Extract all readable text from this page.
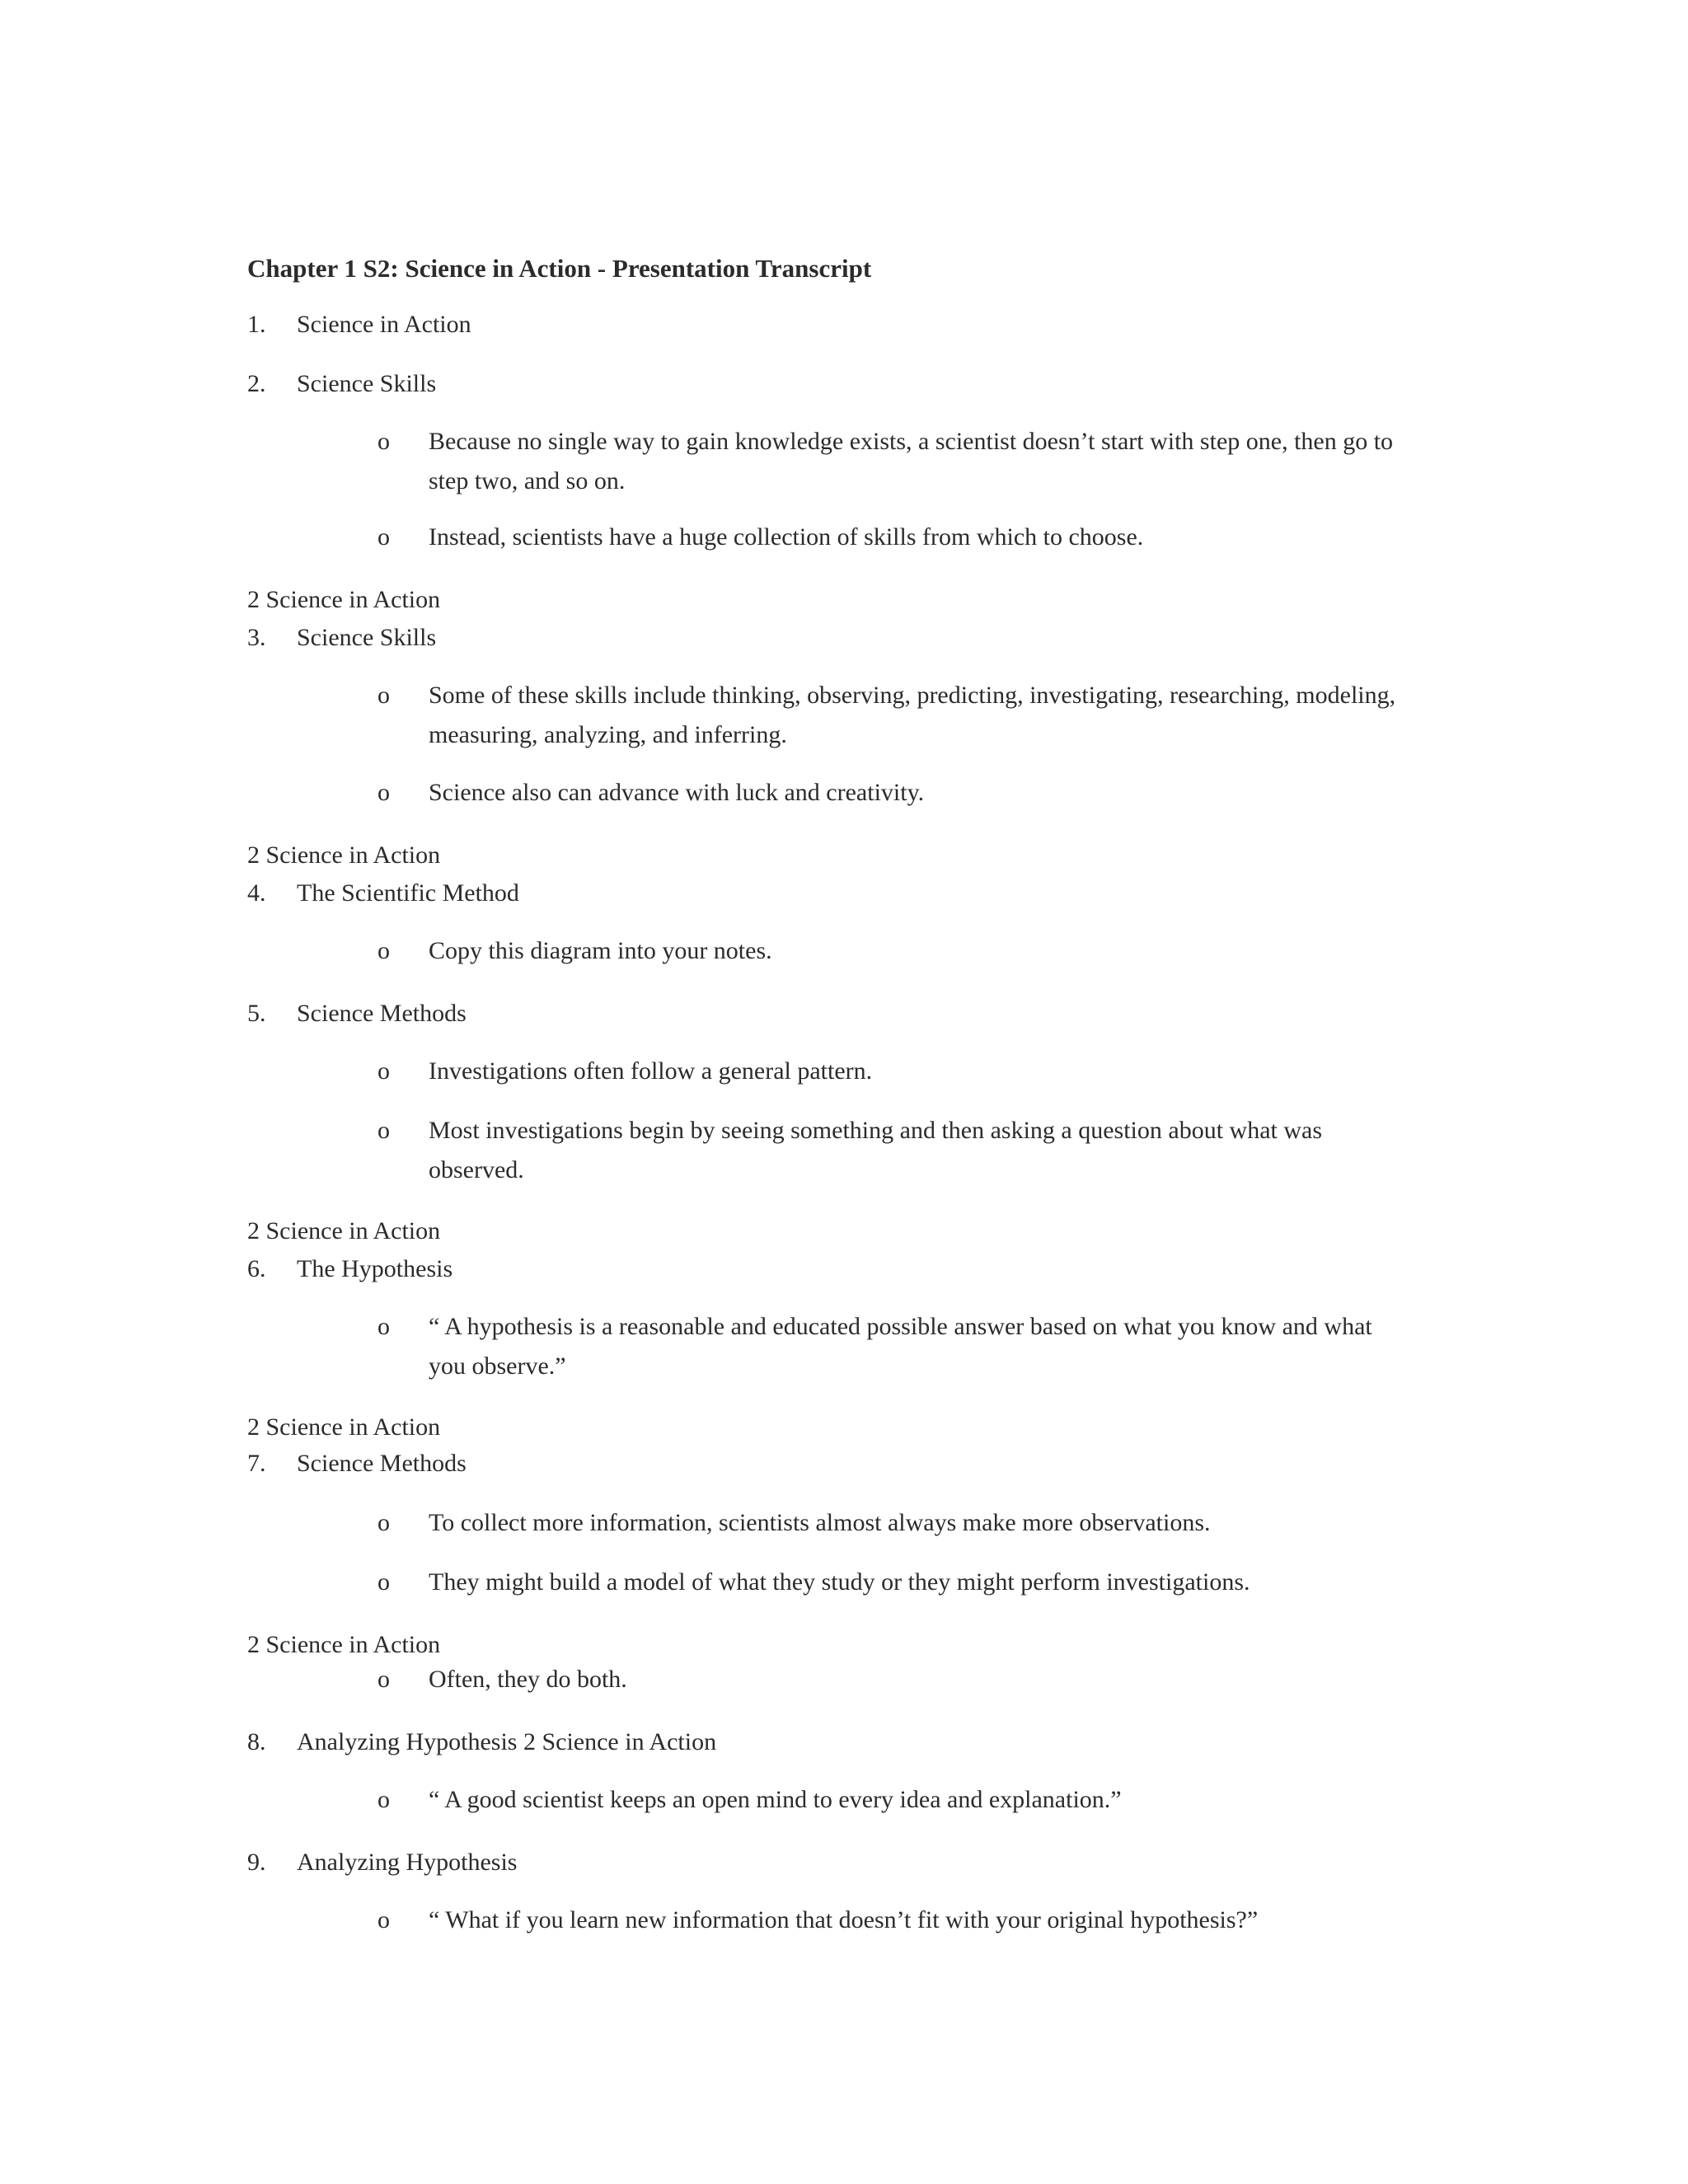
Chapter 1 S2: Science in Action - Presentation Transcript
1. Science in Action
2. Science Skills
o Because no single way to gain knowledge exists, a scientist doesn’t start with step one, then go to step two, and so on.
o Instead, scientists have a huge collection of skills from which to choose.
2 Science in Action
3. Science Skills
o Some of these skills include thinking, observing, predicting, investigating, researching, modeling, measuring, analyzing, and inferring.
o Science also can advance with luck and creativity.
2 Science in Action
4. The Scientific Method
o Copy this diagram into your notes.
5. Science Methods
o Investigations often follow a general pattern.
o Most investigations begin by seeing something and then asking a question about what was observed.
2 Science in Action
6. The Hypothesis
o “ A hypothesis is a reasonable and educated possible answer based on what you know and what you observe.”
2 Science in Action
7. Science Methods
o To collect more information, scientists almost always make more observations.
o They might build a model of what they study or they might perform investigations.
2 Science in Action
o Often, they do both.
8. Analyzing Hypothesis 2 Science in Action
o “ A good scientist keeps an open mind to every idea and explanation.”
9. Analyzing Hypothesis
o “ What if you learn new information that doesn’t fit with your original hypothesis?”
